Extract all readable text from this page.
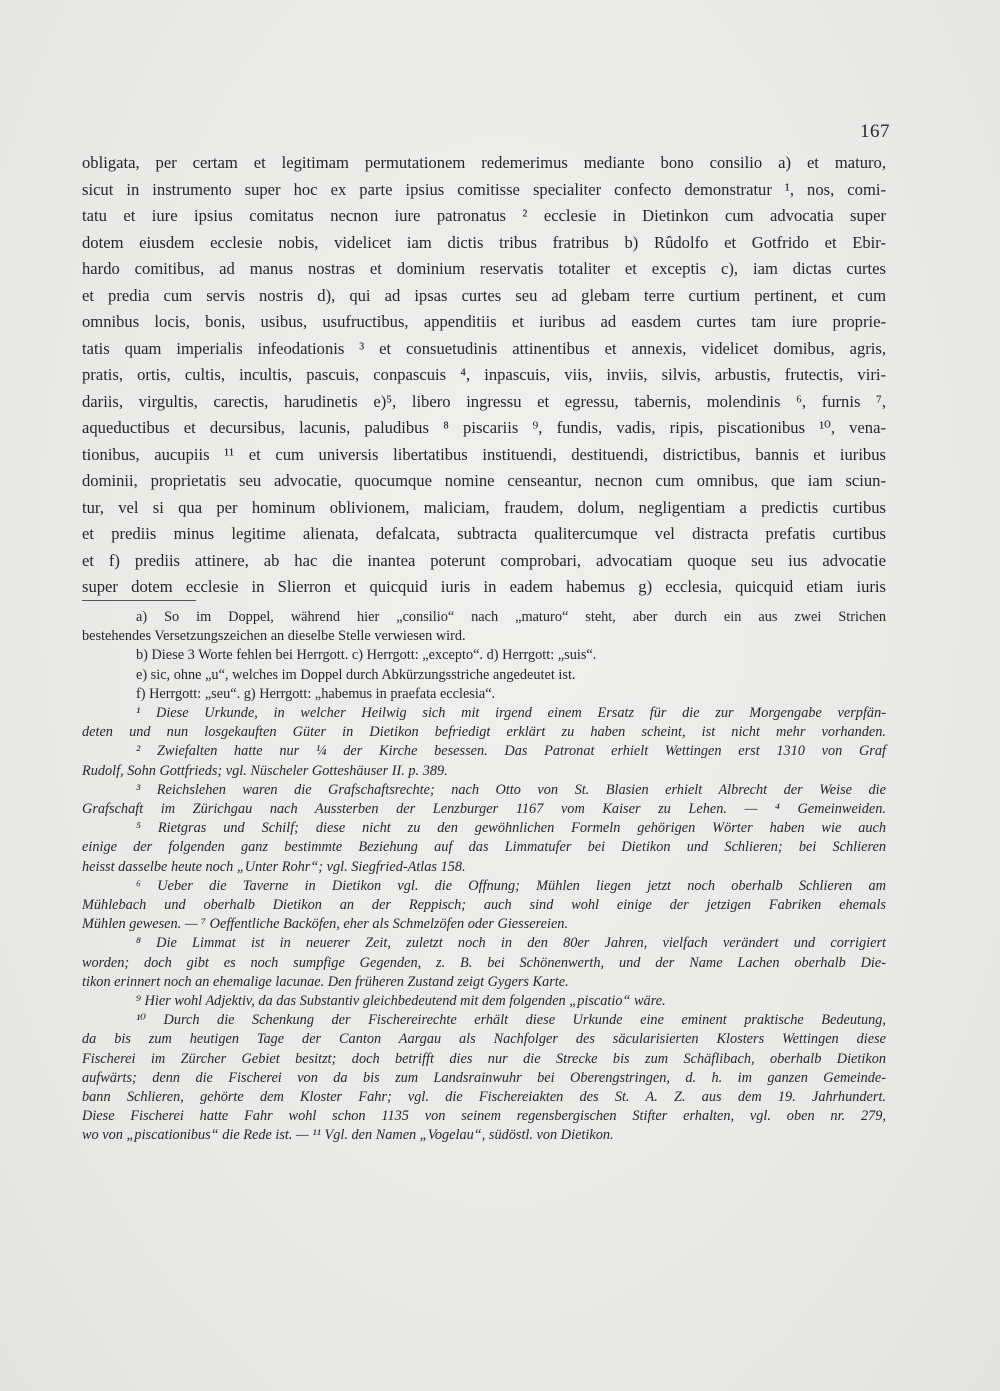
167
obligata, per certam et legitimam permutationem redemerimus mediante bono consilio a) et maturo,
sicut in instrumento super hoc ex parte ipsius comitisse specialiter confecto demonstratur ¹, nos, comi-
tatu et iure ipsius comitatus necnon iure patronatus ² ecclesie in Dietinkon cum advocatia super
dotem eiusdem ecclesie nobis, videlicet iam dictis tribus fratribus b) Rûdolfo et Gotfrido et Ebir-
hardo comitibus, ad manus nostras et dominium reservatis totaliter et exceptis c), iam dictas curtes
et predia cum servis nostris d), qui ad ipsas curtes seu ad glebam terre curtium pertinent, et cum
omnibus locis, bonis, usibus, usufructibus, appenditiis et iuribus ad easdem curtes tam iure proprie-
tatis quam imperialis infeodationis ³ et consuetudinis attinentibus et annexis, videlicet domibus, agris,
pratis, ortis, cultis, incultis, pascuis, conpascuis ⁴, inpascuis, viis, inviis, silvis, arbustis, frutectis, viri-
dariis, virgultis, carectis, harudinetis e)⁵, libero ingressu et egressu, tabernis, molendinis ⁶, furnis ⁷,
aqueductibus et decursibus, lacunis, paludibus ⁸ piscariis ⁹, fundis, vadis, ripis, piscationibus ¹⁰, vena-
tionibus, aucupiis ¹¹ et cum universis libertatibus instituendi, destituendi, districtibus, bannis et iuribus
dominii, proprietatis seu advocatie, quocumque nomine censeantur, necnon cum omnibus, que iam sciun-
tur, vel si qua per hominum oblivionem, maliciam, fraudem, dolum, negligentiam a predictis curtibus
et prediis minus legitime alienata, defalcata, subtracta qualitercumque vel distracta prefatis curtibus
et f) prediis attinere, ab hac die inantea poterunt comprobari, advocatiam quoque seu ius advocatie
super dotem ecclesie in Slierron et quicquid iuris in eadem habemus g) ecclesia, quicquid etiam iuris
a) So im Doppel, während hier „consilio“ nach „maturo“ steht, aber durch ein aus zwei Strichen
bestehendes Versetzungszeichen an dieselbe Stelle verwiesen wird.
b) Diese 3 Worte fehlen bei Herrgott. c) Herrgott: „excepto“. d) Herrgott: „suis“.
e) sic, ohne „u“, welches im Doppel durch Abkürzungsstriche angedeutet ist.
f) Herrgott: „seu“. g) Herrgott: „habemus in praefata ecclesia“.
¹ Diese Urkunde, in welcher Heilwig sich mit irgend einem Ersatz für die zur Morgengabe verpfän-
deten und nun losgekauften Güter in Dietikon befriedigt erklärt zu haben scheint, ist nicht mehr vorhanden.
² Zwiefalten hatte nur ¼ der Kirche besessen. Das Patronat erhielt Wettingen erst 1310 von Graf
Rudolf, Sohn Gottfrieds; vgl. Nüscheler Gotteshäuser II. p. 389.
³ Reichslehen waren die Grafschaftsrechte; nach Otto von St. Blasien erhielt Albrecht der Weise die
Grafschaft im Zürichgau nach Aussterben der Lenzburger 1167 vom Kaiser zu Lehen. — ⁴ Gemeinweiden.
⁵ Rietgras und Schilf; diese nicht zu den gewöhnlichen Formeln gehörigen Wörter haben wie auch
einige der folgenden ganz bestimmte Beziehung auf das Limmatufer bei Dietikon und Schlieren; bei Schlieren
heisst dasselbe heute noch „Unter Rohr“; vgl. Siegfried-Atlas 158.
⁶ Ueber die Taverne in Dietikon vgl. die Offnung; Mühlen liegen jetzt noch oberhalb Schlieren am
Mühlebach und oberhalb Dietikon an der Reppisch; auch sind wohl einige der jetzigen Fabriken ehemals
Mühlen gewesen. — ⁷ Oeffentliche Backöfen, eher als Schmelzöfen oder Giessereien.
⁸ Die Limmat ist in neuerer Zeit, zuletzt noch in den 80er Jahren, vielfach verändert und corrigiert
worden; doch gibt es noch sumpfige Gegenden, z. B. bei Schönenwerth, und der Name Lachen oberhalb Die-
tikon erinnert noch an ehemalige lacunae. Den früheren Zustand zeigt Gygers Karte.
⁹ Hier wohl Adjektiv, da das Substantiv gleichbedeutend mit dem folgenden „piscatio“ wäre.
¹⁰ Durch die Schenkung der Fischereirechte erhält diese Urkunde eine eminent praktische Bedeutung,
da bis zum heutigen Tage der Canton Aargau als Nachfolger des säcularisierten Klosters Wettingen diese
Fischerei im Zürcher Gebiet besitzt; doch betrifft dies nur die Strecke bis zum Schäflibach, oberhalb Dietikon
aufwärts; denn die Fischerei von da bis zum Landsrainwuhr bei Oberengstringen, d. h. im ganzen Gemeinde-
bann Schlieren, gehörte dem Kloster Fahr; vgl. die Fischereiakten des St. A. Z. aus dem 19. Jahrhundert.
Diese Fischerei hatte Fahr wohl schon 1135 von seinem regensbergischen Stifter erhalten, vgl. oben nr. 279,
wo von „piscationibus“ die Rede ist. — ¹¹ Vgl. den Namen „Vogelau“, südöstl. von Dietikon.
